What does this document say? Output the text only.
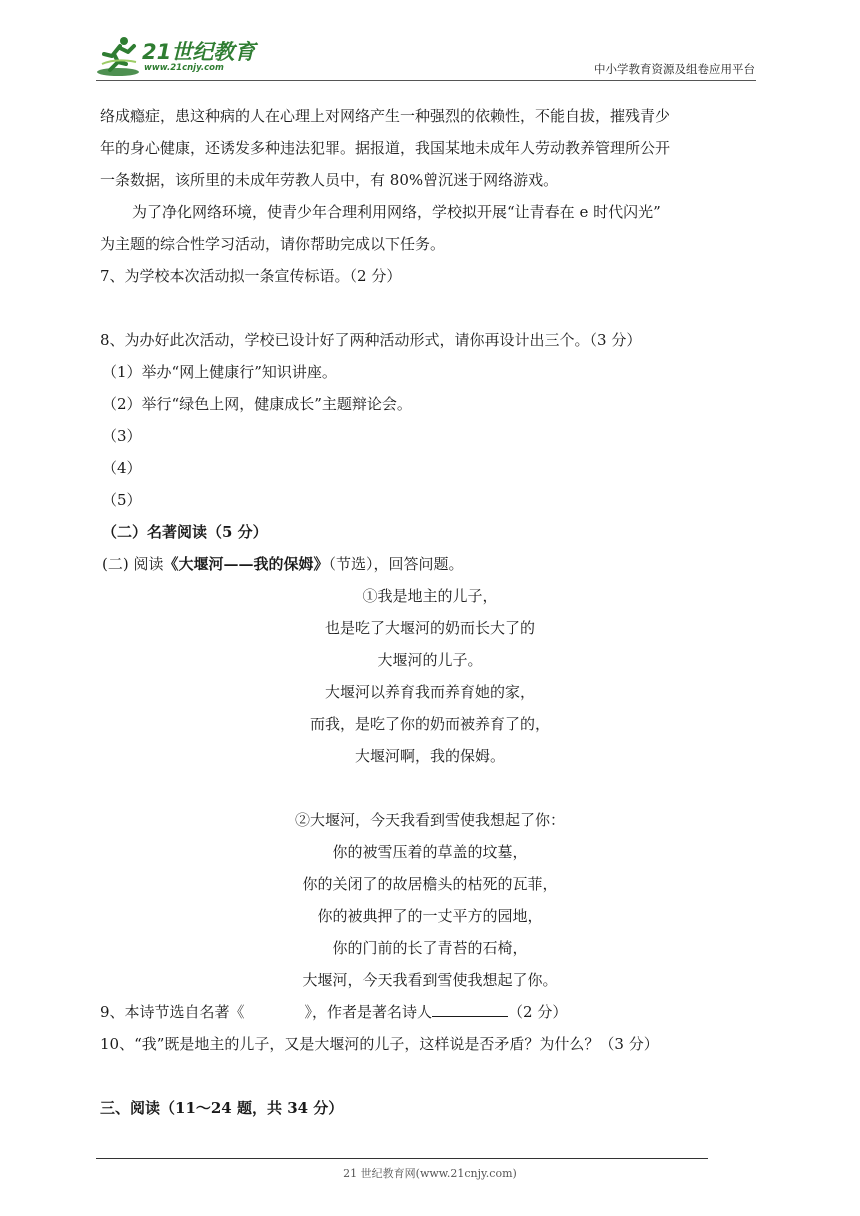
21世纪教育
www.21cnjy.com	中小学教育资源及组卷应用平台
络成瘾症，患这种病的人在心理上对网络产生一种强烈的依赖性，不能自拔，摧残青少
年的身心健康，还诱发多种违法犯罪。据报道，我国某地未成年人劳动教养管理所公开
一条数据，该所里的未成年劳教人员中，有 80%曾沉迷于网络游戏。
为了净化网络环境，使青少年合理利用网络，学校拟开展“让青春在 e 时代闪光”
为主题的综合性学习活动，请你帮助完成以下任务。
7、为学校本次活动拟一条宣传标语。（2 分）
8、为办好此次活动，学校已设计好了两种活动形式，请你再设计出三个。（3 分）
（1）举办“网上健康行”知识讲座。
（2）举行“绿色上网，健康成长”主题辩论会。
（3）
（4）
（5）
（二）名著阅读（5 分）
(二) 阅读《大堰河——我的保姆》（节选），回答问题。
①我是地主的儿子，
也是吃了大堰河的奶而长大了的
大堰河的儿子。
大堰河以养育我而养育她的家，
而我，是吃了你的奶而被养育了的，
大堰河啊，我的保姆。
②大堰河，今天我看到雪使我想起了你：
你的被雪压着的草盖的坟墓，
你的关闭了的故居檐头的枯死的瓦菲，
你的被典押了的一丈平方的园地，
你的门前的长了青苔的石椅，
大堰河，今天我看到雪使我想起了你。
9、本诗节选自名著《　　　　》，作者是著名诗人	（2 分）
10、“我”既是地主的儿子，又是大堰河的儿子，这样说是否矛盾？为什么？（3 分）
三、阅读（11～24 题，共 34 分）
21 世纪教育网(www.21cnjy.com)
